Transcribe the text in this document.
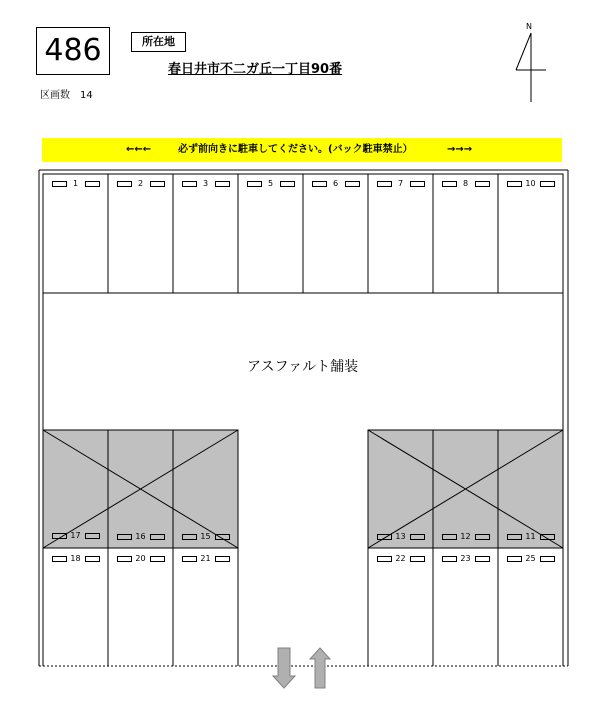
486	所在地
春日井市不二ガ丘一丁目90番
区画数　14
N
←←←	必ず前向きに駐車してください。(バック駐車禁止）	→→→
アスファルト舗装
1	2	3	5	6	7	8	10
17	16	15	13	12	11
18	20	21	22	23	25
